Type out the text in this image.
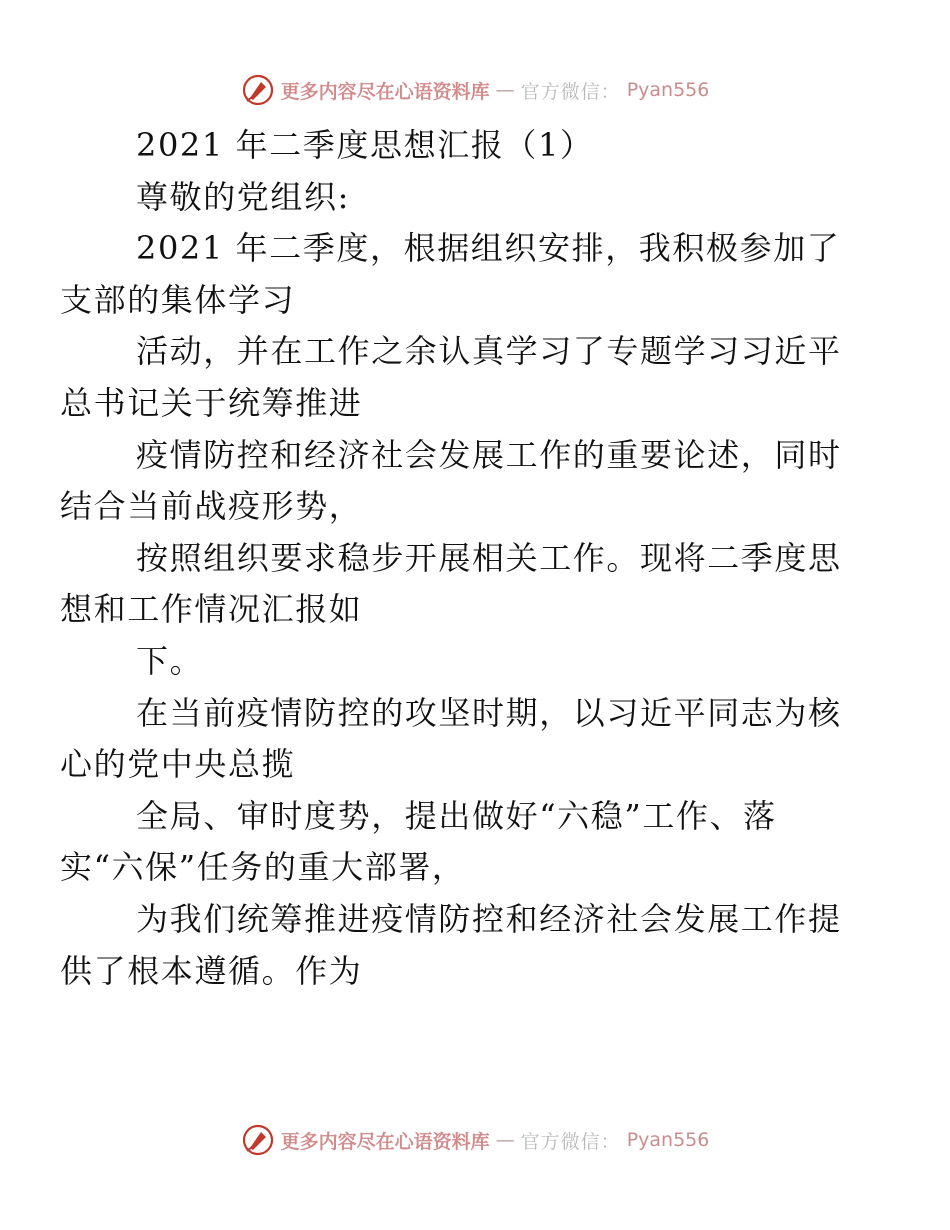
更多内容尽在心语资料库 — 官方微信： Pyan556

2021 年二季度思想汇报（1）

尊敬的党组织:

2021 年二季度，根据组织安排，我积极参加了
支部的集体学习

活动，并在工作之余认真学习了专题学习习近平
总书记关于统筹推进

疫情防控和经济社会发展工作的重要论述，同时
结合当前战疫形势，

按照组织要求稳步开展相关工作。现将二季度思
想和工作情况汇报如

下。

在当前疫情防控的攻坚时期，以习近平同志为核
心的党中央总揽

全局、审时度势，提出做好“六稳”工作、落
实“六保”任务的重大部署，

为我们统筹推进疫情防控和经济社会发展工作提
供了根本遵循。作为

更多内容尽在心语资料库 — 官方微信： Pyan556
